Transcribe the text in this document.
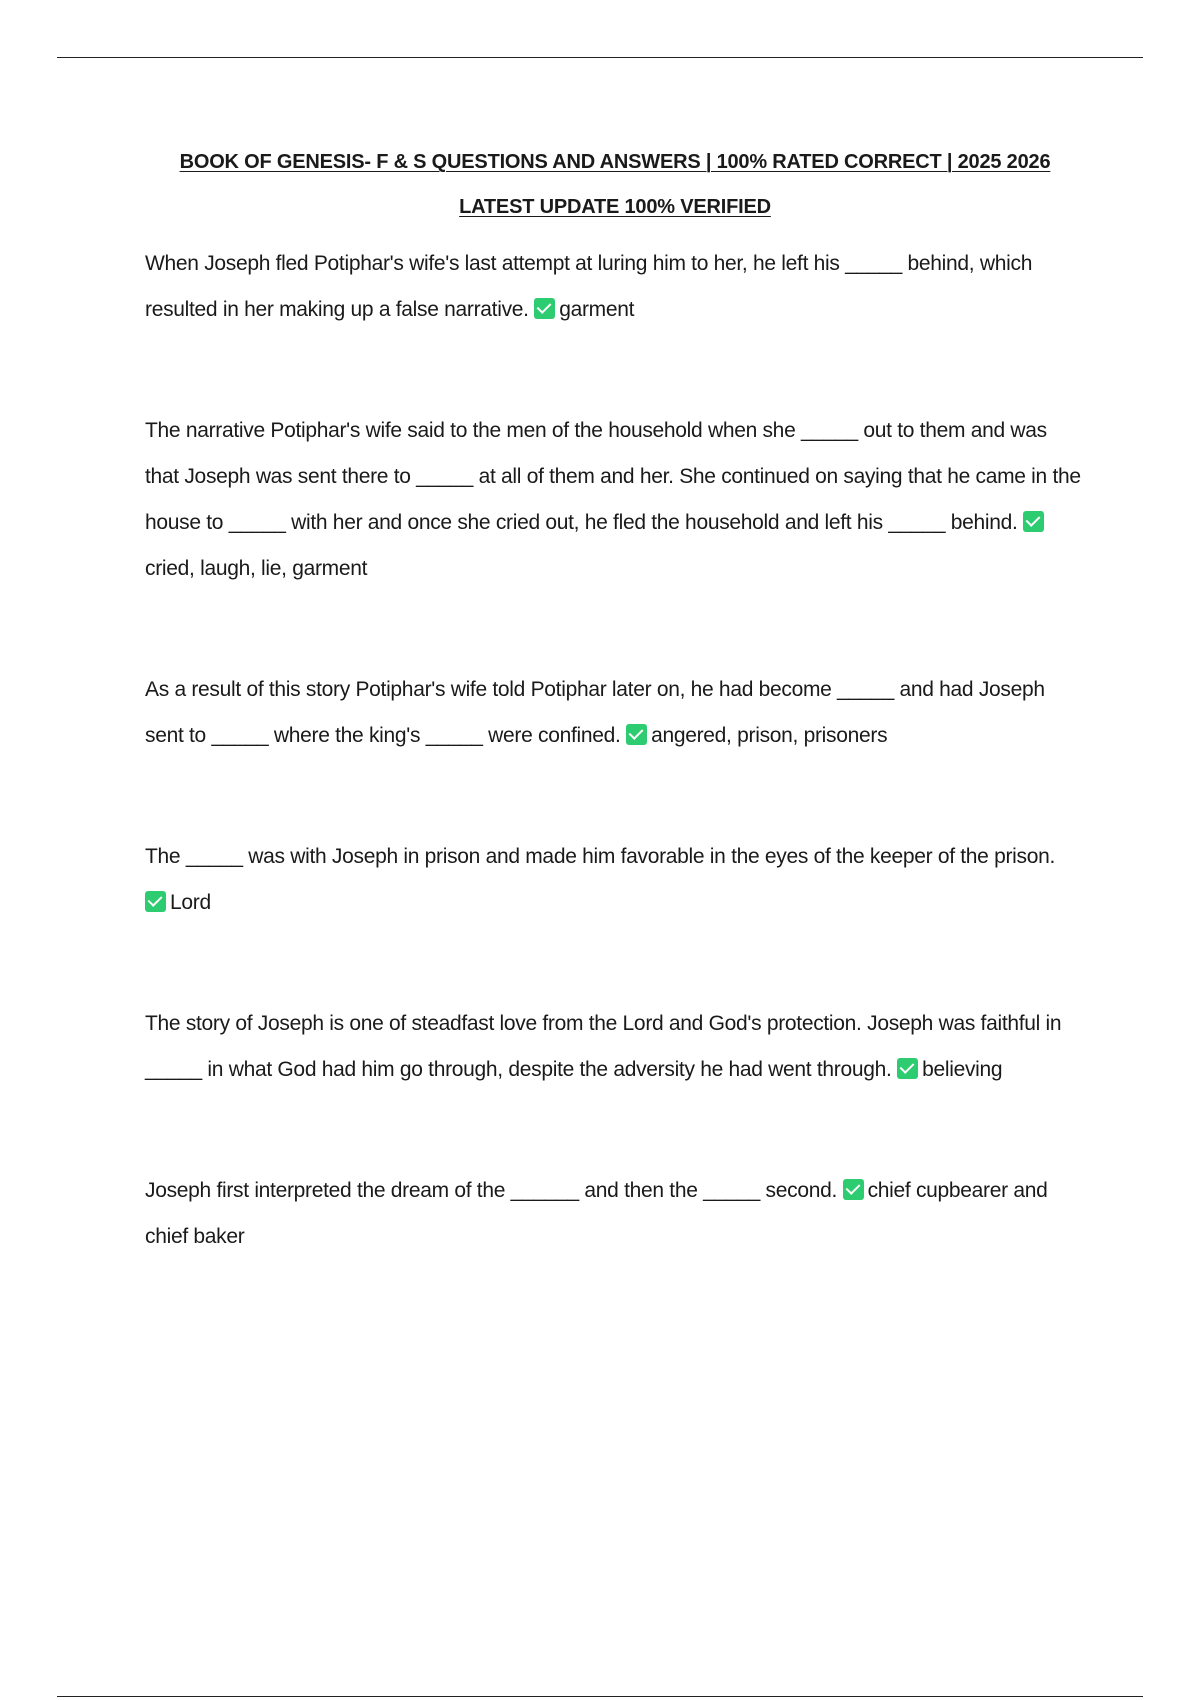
BOOK OF GENESIS- F & S QUESTIONS AND ANSWERS | 100% RATED CORRECT | 2025 2026
LATEST UPDATE 100% VERIFIED
When Joseph fled Potiphar's wife's last attempt at luring him to her, he left his _____ behind, which resulted in her making up a false narrative. garment
The narrative Potiphar's wife said to the men of the household when she _____ out to them and was that Joseph was sent there to _____ at all of them and her. She continued on saying that he came in the house to _____ with her and once she cried out, he fled the household and left his _____ behind. cried, laugh, lie, garment
As a result of this story Potiphar's wife told Potiphar later on, he had become _____ and had Joseph sent to _____ where the king's _____ were confined. angered, prison, prisoners
The _____ was with Joseph in prison and made him favorable in the eyes of the keeper of the prison. Lord
The story of Joseph is one of steadfast love from the Lord and God's protection. Joseph was faithful in _____ in what God had him go through, despite the adversity he had went through. believing
Joseph first interpreted the dream of the ______ and then the _____ second. chief cupbearer and chief baker
